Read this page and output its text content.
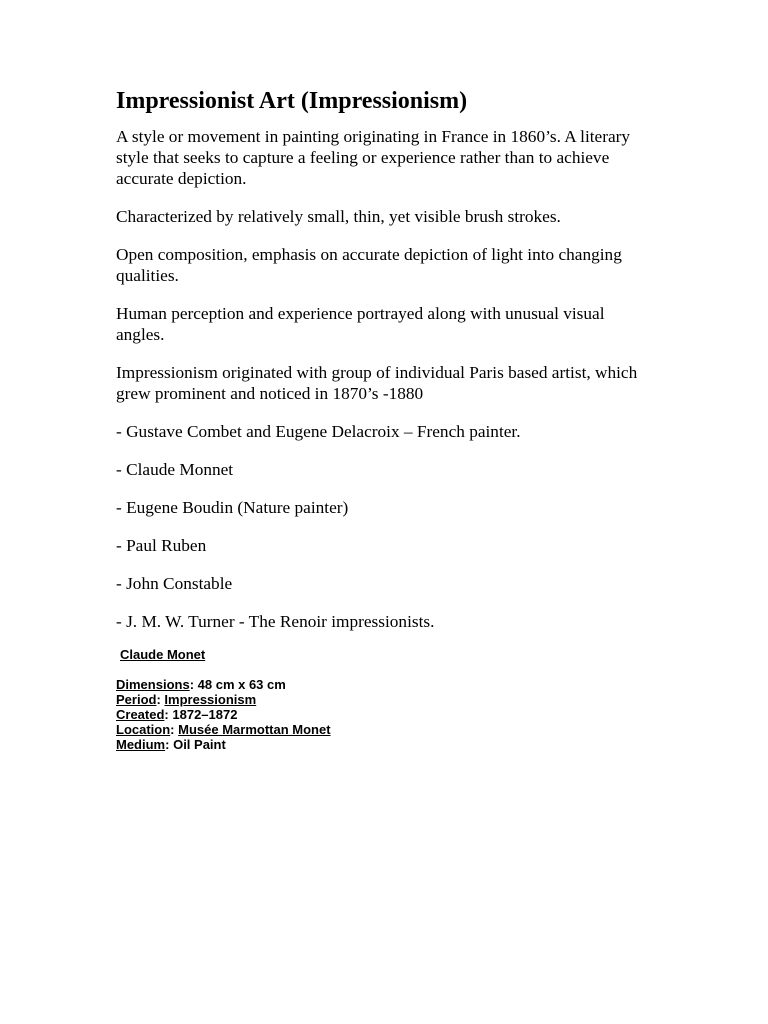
Impressionist Art (Impressionism)

A style or movement in painting originating in France in 1860’s. A literary style that seeks to capture a feeling or experience rather than to achieve accurate depiction.

Characterized by relatively small, thin, yet visible brush strokes.

Open composition, emphasis on accurate depiction of light into changing qualities.

Human perception and experience portrayed along with unusual visual angles.

Impressionism originated with group of individual Paris based artist, which grew prominent and noticed in 1870’s -1880

- Gustave Combet and Eugene Delacroix – French painter.

- Claude Monnet

- Eugene Boudin (Nature painter)

- Paul Ruben

- John Constable

- J. M. W. Turner - The Renoir impressionists.

Claude Monet
Dimensions: 48 cm x 63 cm
Period: Impressionism
Created: 1872–1872
Location: Musée Marmottan Monet
Medium: Oil Paint
